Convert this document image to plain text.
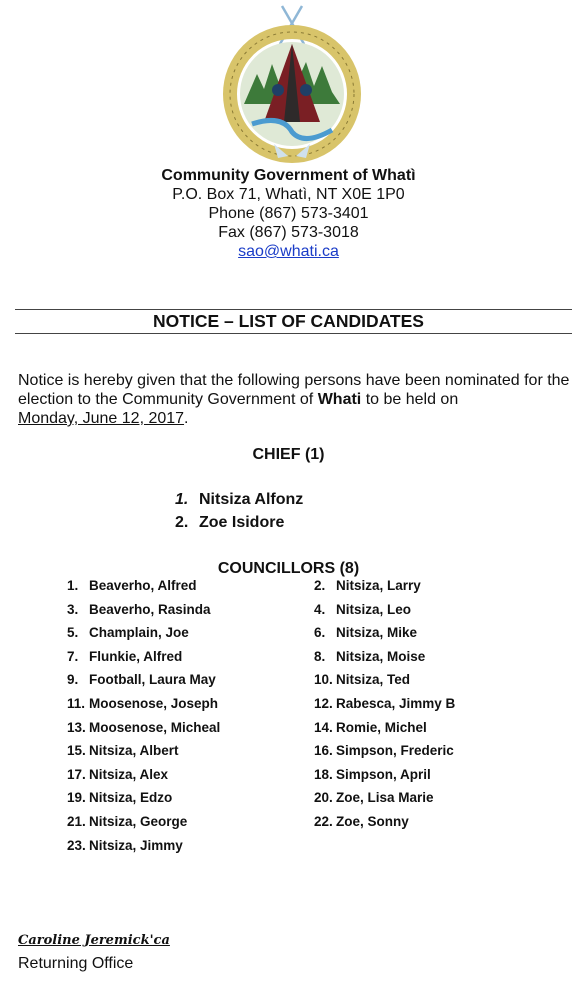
Community Government of Whatì
P.O. Box 71, Whatì, NT X0E 1P0
Phone (867) 573-3401
Fax (867) 573-3018
sao@whati.ca
NOTICE – LIST OF CANDIDATES
Notice is hereby given that the following persons have been nominated for the election to the Community Government of Whati to be held on
Monday, June 12, 2017.
CHIEF (1)
1. Nitsiza Alfonz
2. Zoe Isidore
COUNCILLORS (8)
1. Beaverho, Alfred
3. Beaverho, Rasinda
5. Champlain, Joe
7. Flunkie, Alfred
9. Football, Laura May
11. Moosenose, Joseph
13. Moosenose, Micheal
15. Nitsiza, Albert
17. Nitsiza, Alex
19. Nitsiza, Edzo
21. Nitsiza, George
23. Nitsiza, Jimmy
2. Nitsiza, Larry
4. Nitsiza, Leo
6. Nitsiza, Mike
8. Nitsiza, Moise
10. Nitsiza, Ted
12. Rabesca, Jimmy B
14. Romie, Michel
16. Simpson, Frederic
18. Simpson, April
20. Zoe, Lisa Marie
22. Zoe, Sonny
Caroline Jeremick'ca
Returning Office
